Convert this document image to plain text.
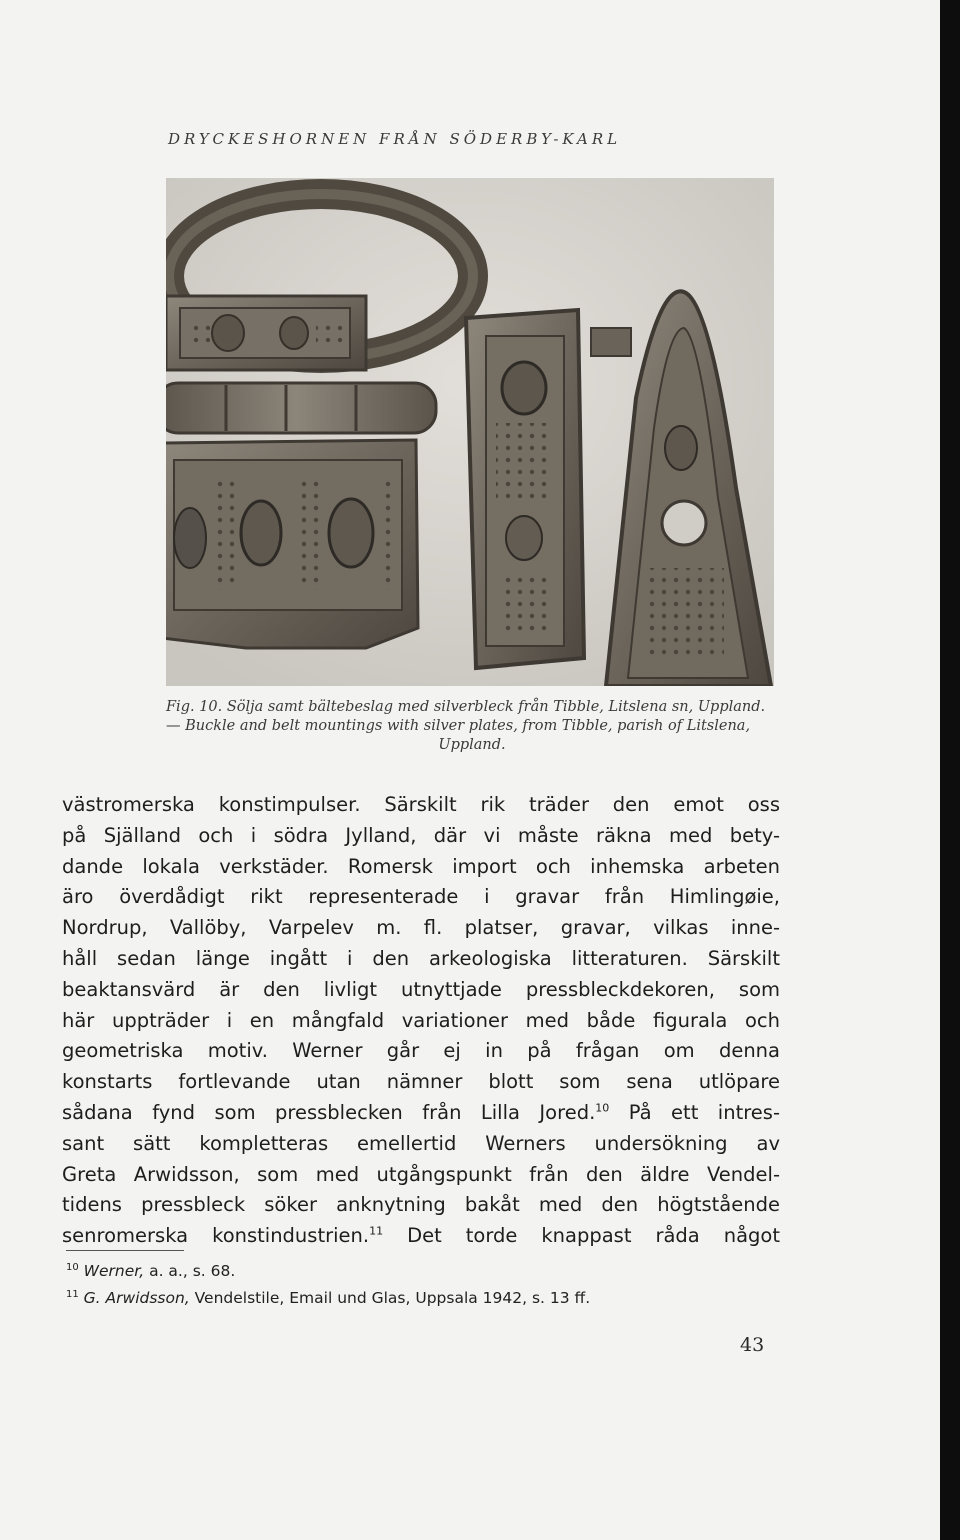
DRYCKESHORNEN FRÅN SÖDERBY-KARL

Fig. 10. Sölja samt bältebeslag med silverbleck från Tibble, Litslena sn, Uppland.

— Buckle and belt mountings with silver plates, from Tibble, parish of Litslena,

Uppland.

västromerska konstimpulser. Särskilt rik träder den emot oss

på Själland och i södra Jylland, där vi måste räkna med bety-

dande lokala verkstäder. Romersk import och inhemska arbeten

äro överdådigt rikt representerade i gravar från Himlingøie,

Nordrup, Vallöby, Varpelev m. fl. platser, gravar, vilkas inne-

håll sedan länge ingått i den arkeologiska litteraturen. Särskilt

beaktansvärd är den livligt utnyttjade pressbleckdekoren, som

här uppträder i en mångfald variationer med både figurala och

geometriska motiv. Werner går ej in på frågan om denna

konstarts fortlevande utan nämner blott som sena utlöpare

sådana fynd som pressblecken från Lilla Jored.$^{10}$ På ett intres-

sant sätt kompletteras emellertid Werners undersökning av

Greta Arwidsson, som med utgångspunkt från den äldre Vendel-

tidens pressbleck söker anknytning bakåt med den högtstående

senromerska konstindustrien.$^{11}$ Det torde knappast råda något

$^{10}$ Werner, a. a., s. 68.

$^{11}$ G. Arwidsson, Vendelstile, Email und Glas, Uppsala 1942, s. 13 ff.

43
